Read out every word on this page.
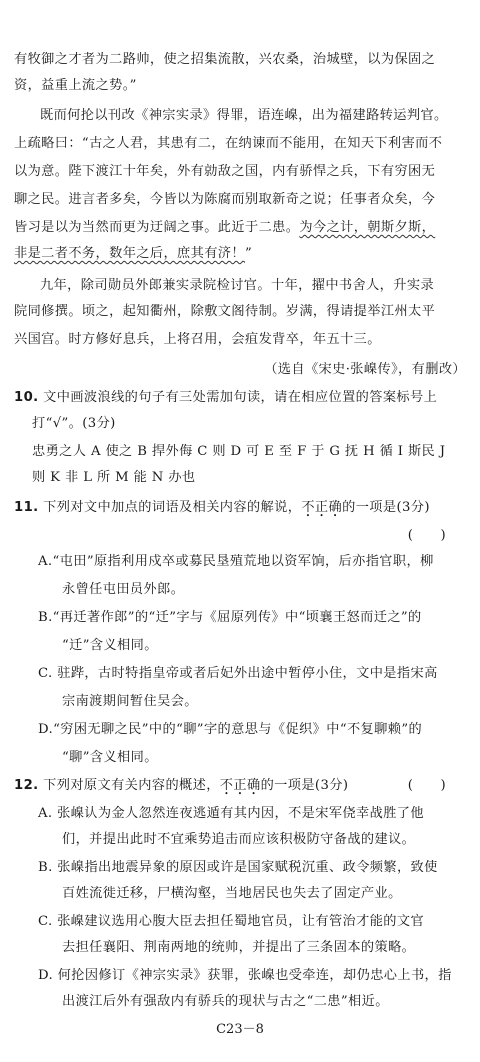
有牧御之才者为二路帅，使之招集流散，兴农桑，治城壁，以为保固之
资，益重上流之势。”
既而何抡以刊改《神宗实录》得罪，语连嵲，出为福建路转运判官。
上疏略曰：“古之人君，其患有二，在纳谏而不能用，在知天下利害而不
以为意。陛下渡江十年矣，外有勍敌之国，内有骄悍之兵，下有穷困无
聊之民。进言者多矣，今皆以为陈腐而别取新奇之说；任事者众矣，今
皆习是以为当然而更为迂阔之事。此近于二患。为今之计，朝斯夕斯，
非是二者不务，数年之后，庶其有济！”
九年，除司勋员外郎兼实录院检讨官。十年，擢中书舍人，升实录
院同修撰。顷之，起知衢州，除敷文阁待制。岁满，得请提举江州太平
兴国宫。时方修好息兵，上将召用，会疽发背卒，年五十三。
（选自《宋史·张嵲传》，有删改）
10. 文中画波浪线的句子有三处需加句读，请在相应位置的答案标号上
打“√”。(3分)
忠勇之人 A 使之 B 捍外侮 C 则 D 可 E 至 F 于 G 抚 H 循 I 斯民 J
则 K 非 L 所 M 能 N 办也
11. 下列对文中加点的词语及相关内容的解说，不正确的一项是(3分)
(　　)
A.“屯田”原指利用戍卒或募民垦殖荒地以资军饷，后亦指官职，柳
永曾任屯田员外郎。
B.“再迁著作郎”的“迁”字与《屈原列传》中“顷襄王怒而迁之”的
“迁”含义相同。
C. 驻跸，古时特指皇帝或者后妃外出途中暂停小住，文中是指宋高
宗南渡期间暂住吴会。
D.“穷困无聊之民”中的“聊”字的意思与《促织》中“不复聊赖”的
“聊”含义相同。
12. 下列对原文有关内容的概述，不正确的一项是(3分)	(　　)
A. 张嵲认为金人忽然连夜逃遁有其内因，不是宋军侥幸战胜了他
们，并提出此时不宜乘势追击而应该积极防守备战的建议。
B. 张嵲指出地震异象的原因或许是国家赋税沉重、政令频繁，致使
百姓流徙迁移，尸横沟壑，当地居民也失去了固定产业。
C. 张嵲建议选用心腹大臣去担任蜀地官员，让有管治才能的文官
去担任襄阳、荆南两地的统帅，并提出了三条固本的策略。
D. 何抡因修订《神宗实录》获罪，张嵲也受牵连，却仍忠心上书，指
出渡江后外有强敌内有骄兵的现状与古之“二患”相近。
C23－8
